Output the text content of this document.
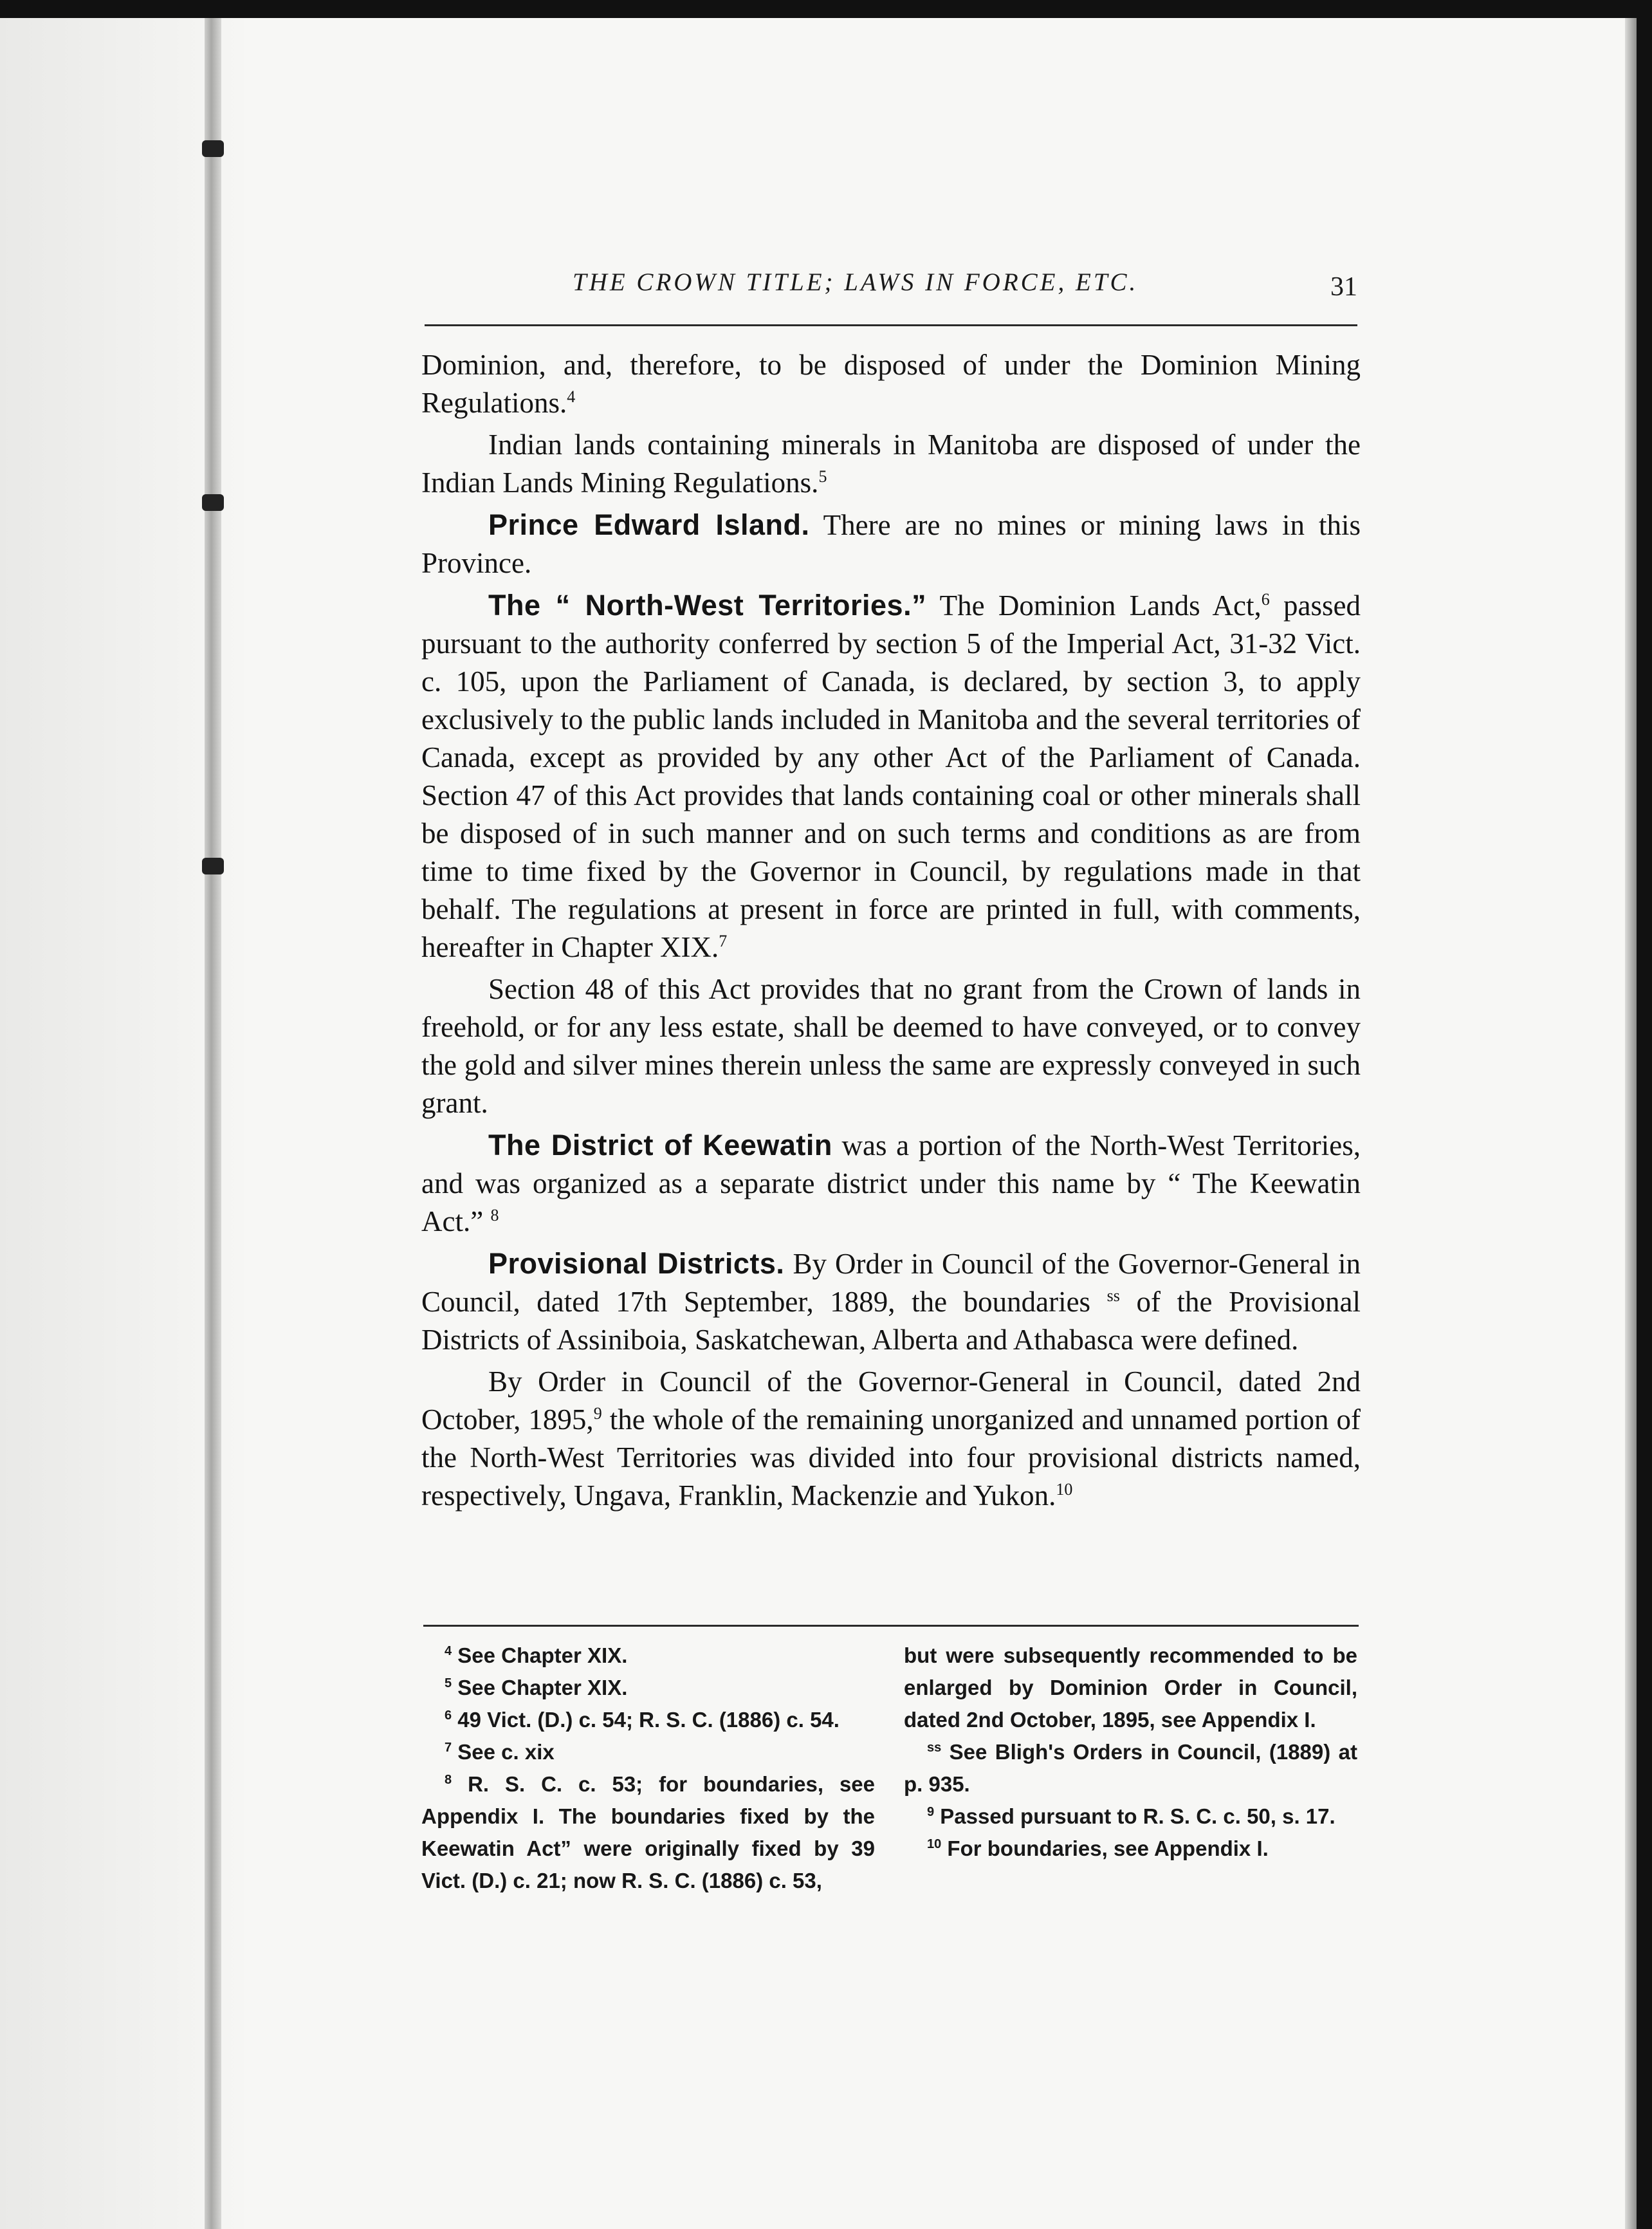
THE CROWN TITLE; LAWS IN FORCE, ETC.	31

Dominion, and, therefore, to be disposed of under the Dominion Mining Regulations.$^4$

Indian lands containing minerals in Manitoba are disposed of under the Indian Lands Mining Regulations.$^5$

Prince Edward Island. There are no mines or mining laws in this Province.

The “ North-West Territories.” The Dominion Lands Act,$^6$ passed pursuant to the authority conferred by section 5 of the Imperial Act, 31-32 Vict. c. 105, upon the Parliament of Canada, is declared, by section 3, to apply exclusively to the public lands included in Manitoba and the several territories of Canada, except as provided by any other Act of the Parliament of Canada. Section 47 of this Act provides that lands containing coal or other minerals shall be disposed of in such manner and on such terms and conditions as are from time to time fixed by the Governor in Council, by regulations made in that behalf. The regulations at present in force are printed in full, with comments, hereafter in Chapter XIX.$^7$

Section 48 of this Act provides that no grant from the Crown of lands in freehold, or for any less estate, shall be deemed to have conveyed, or to convey the gold and silver mines therein unless the same are expressly conveyed in such grant.

The District of Keewatin was a portion of the North-West Territories, and was organized as a separate district under this name by “ The Keewatin Act.” $^8$

Provisional Districts. By Order in Council of the Governor-General in Council, dated 17th September, 1889, the boundaries $^{ss}$ of the Provisional Districts of Assiniboia, Saskatchewan, Alberta and Athabasca were defined.

By Order in Council of the Governor-General in Council, dated 2nd October, 1895,$^9$ the whole of the remaining unorganized and unnamed portion of the North-West Territories was divided into four provisional districts named, respectively, Ungava, Franklin, Mackenzie and Yukon.$^{10}$

$^4$ See Chapter XIX.

$^5$ See Chapter XIX.

$^6$ 49 Vict. (D.) c. 54; R. S. C. (1886) c. 54.

$^7$ See c. xix

$^8$ R. S. C. c. 53; for boundaries, see Appendix I. The boundaries fixed by the Keewatin Act” were originally fixed by 39 Vict. (D.) c. 21; now R. S. C. (1886) c. 53,

but were subsequently recommended to be enlarged by Dominion Order in Council, dated 2nd October, 1895, see Appendix I.

$^{ss}$ See Bligh's Orders in Council, (1889) at p. 935.

$^9$ Passed pursuant to R. S. C. c. 50, s. 17.

$^{10}$ For boundaries, see Appendix I.
